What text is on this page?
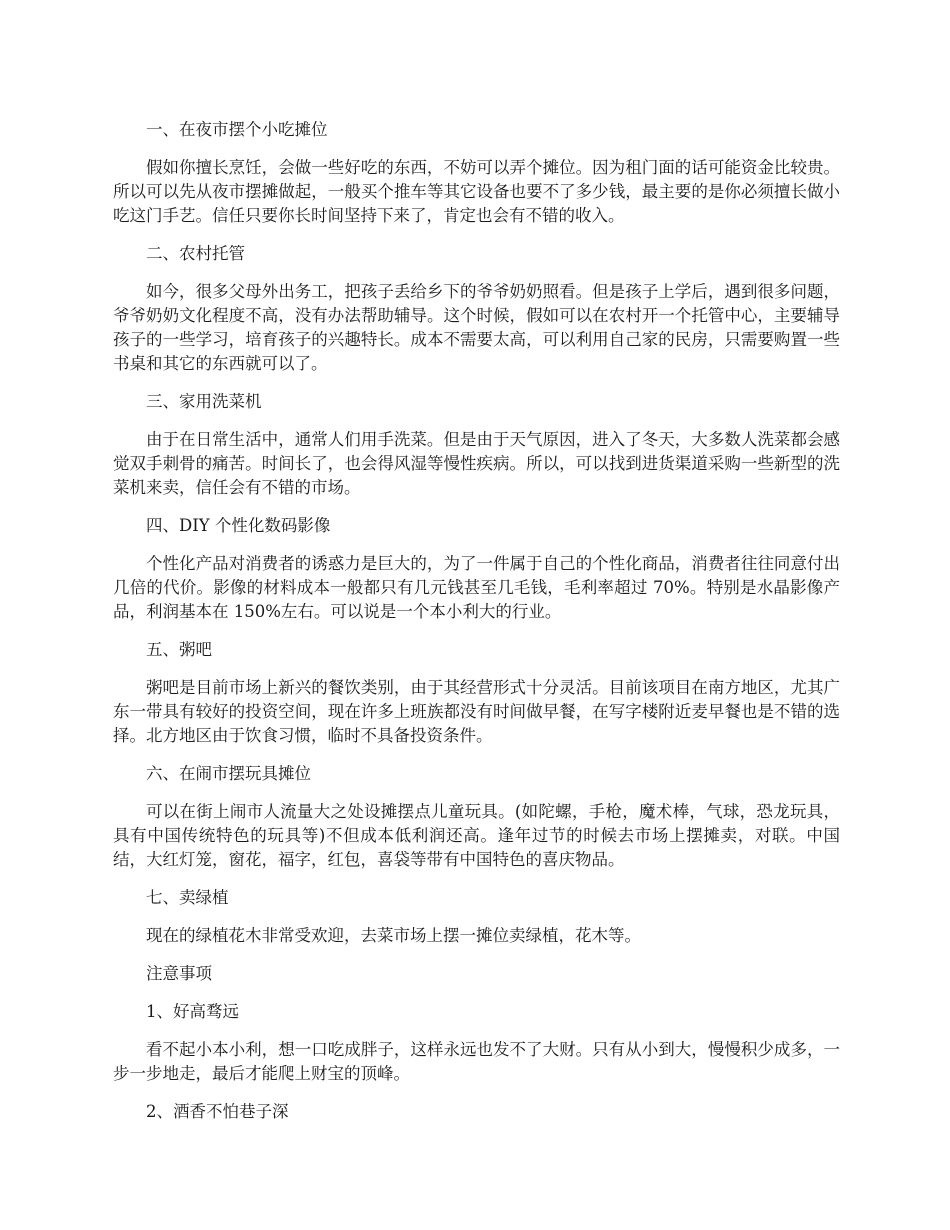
一、在夜市摆个小吃摊位
假如你擅长烹饪，会做一些好吃的东西，不妨可以弄个摊位。因为租门面的话可能资金比较贵。所以可以先从夜市摆摊做起，一般买个推车等其它设备也要不了多少钱，最主要的是你必须擅长做小吃这门手艺。信任只要你长时间坚持下来了，肯定也会有不错的收入。
二、农村托管
如今，很多父母外出务工，把孩子丢给乡下的爷爷奶奶照看。但是孩子上学后，遇到很多问题，爷爷奶奶文化程度不高，没有办法帮助辅导。这个时候，假如可以在农村开一个托管中心，主要辅导孩子的一些学习，培育孩子的兴趣特长。成本不需要太高，可以利用自己家的民房，只需要购置一些书桌和其它的东西就可以了。
三、家用洗菜机
由于在日常生活中，通常人们用手洗菜。但是由于天气原因，进入了冬天，大多数人洗菜都会感觉双手刺骨的痛苦。时间长了，也会得风湿等慢性疾病。所以，可以找到进货渠道采购一些新型的洗菜机来卖，信任会有不错的市场。
四、DIY 个性化数码影像
个性化产品对消费者的诱惑力是巨大的，为了一件属于自己的个性化商品，消费者往往同意付出几倍的代价。影像的材料成本一般都只有几元钱甚至几毛钱，毛利率超过 70%。特别是水晶影像产品，利润基本在 150%左右。可以说是一个本小利大的行业。
五、粥吧
粥吧是目前市场上新兴的餐饮类别，由于其经营形式十分灵活。目前该项目在南方地区，尤其广东一带具有较好的投资空间，现在许多上班族都没有时间做早餐，在写字楼附近麦早餐也是不错的选择。北方地区由于饮食习惯，临时不具备投资条件。
六、在闹市摆玩具摊位
可以在街上闹市人流量大之处设摊摆点儿童玩具。(如陀螺，手枪，魔术棒，气球，恐龙玩具，具有中国传统特色的玩具等)不但成本低利润还高。逢年过节的时候去市场上摆摊卖，对联。中国结，大红灯笼，窗花，福字，红包，喜袋等带有中国特色的喜庆物品。
七、卖绿植
现在的绿植花木非常受欢迎，去菜市场上摆一摊位卖绿植，花木等。
注意事项
1、好高骛远
看不起小本小利，想一口吃成胖子，这样永远也发不了大财。只有从小到大，慢慢积少成多，一步一步地走，最后才能爬上财宝的顶峰。
2、酒香不怕巷子深
